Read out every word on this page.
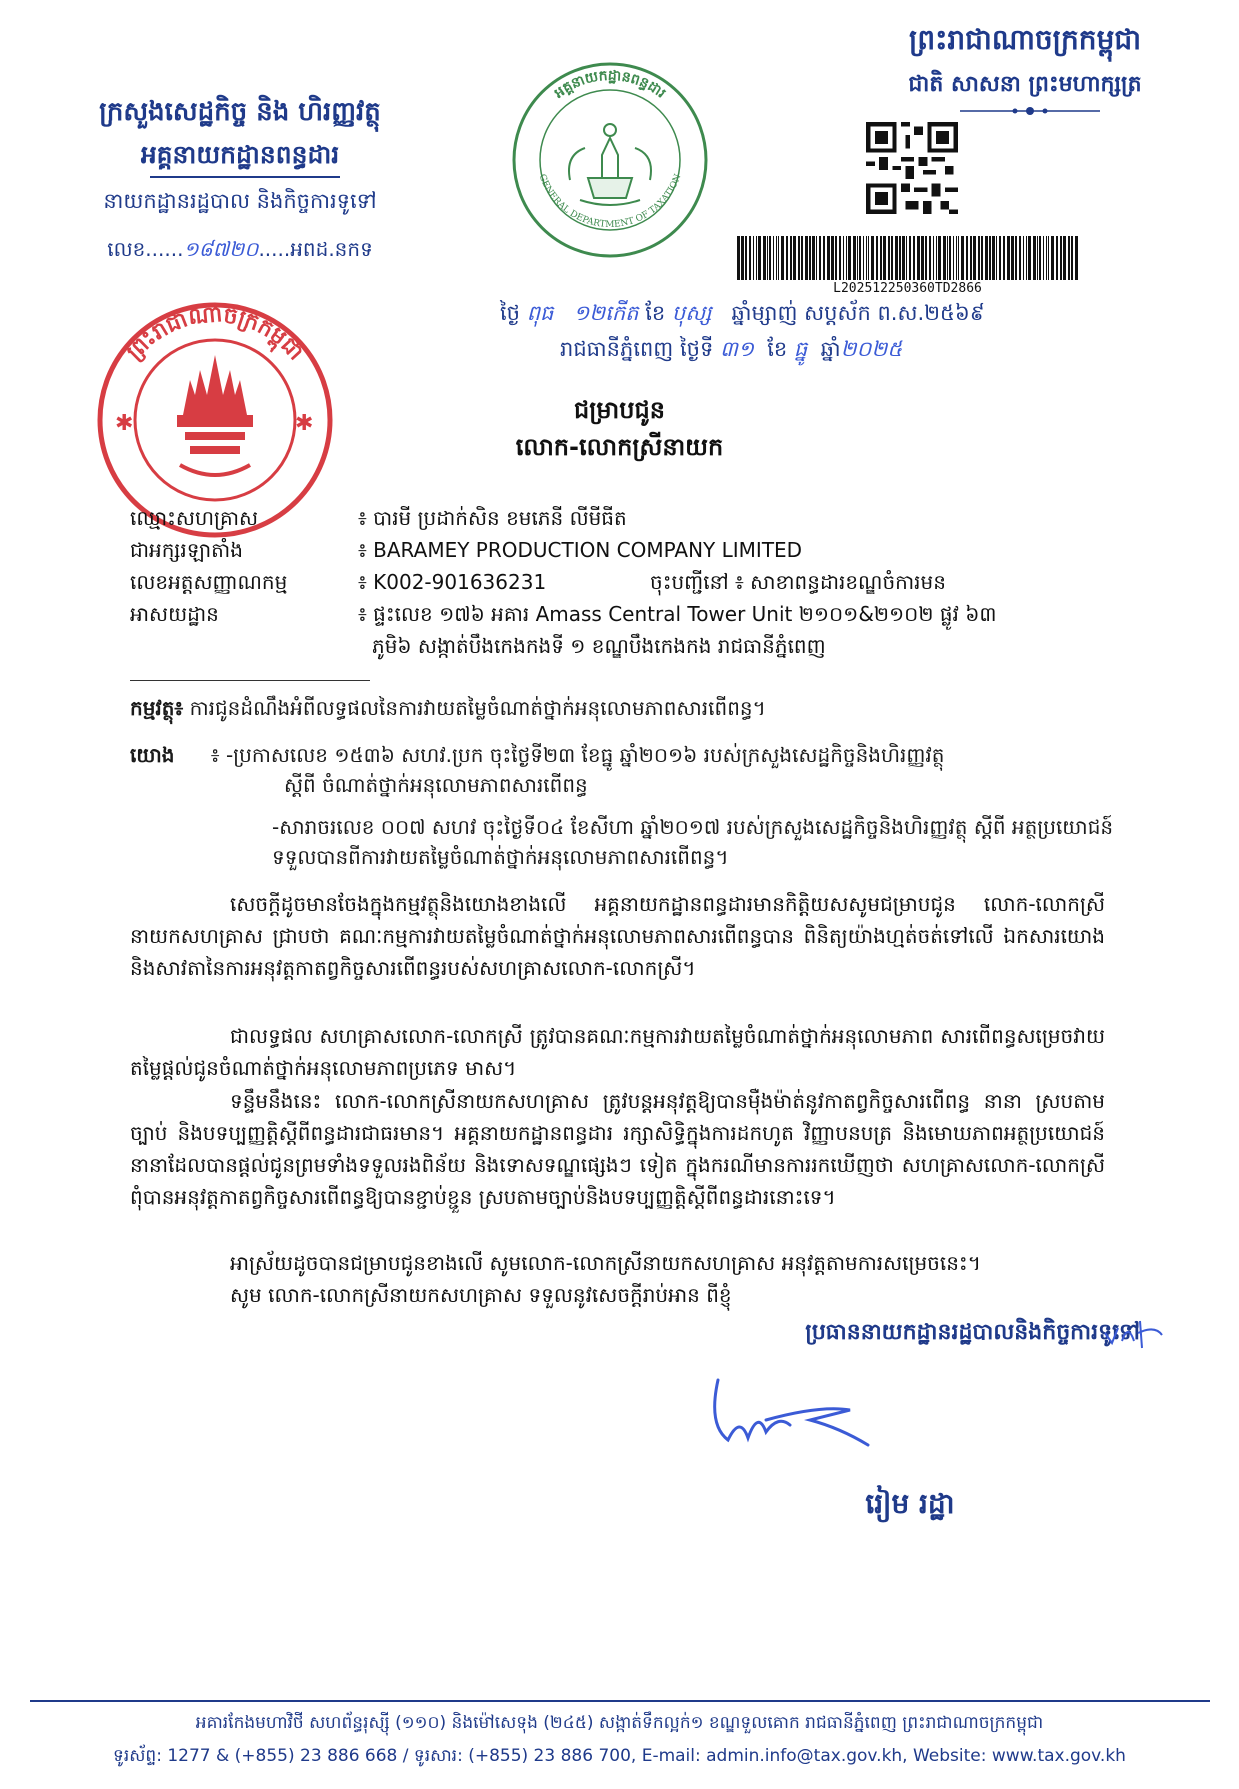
ក្រសួងសេដ្ឋកិច្ច និង ហិរញ្ញវត្ថុ
អគ្គនាយកដ្ឋានពន្ធដារ
នាយកដ្ឋានរដ្ឋបាល និងកិច្ចការទូទៅ
លេខ......១៨៧២០.....អពដ.នកទ
ព្រះរាជាណាចក្រកម្ពុជា
ជាតិ សាសនា ព្រះមហាក្សត្រ
L202512250360TD2866
អគ្គនាយកដ្ឋានពន្ធដារ
GENERAL DEPARTMENT OF TAXATION
ព្រះរាជាណាចក្រកម្ពុជា
✱	✱
ថ្ងៃ ពុធ ១២កើត ខែ បុស្ស ឆ្នាំម្សាញ់ សប្តស័ក ព.ស.២៥៦៩
រាជធានីភ្នំពេញ ថ្ងៃទី ៣១ ខែ ធ្នូ ឆ្នាំ២០២៥
ជម្រាបជូន
លោក-លោកស្រីនាយក
ឈ្មោះសហគ្រាស	៖ បារមី ប្រដាក់សិន ខមភេនី លីមីធីត
ជាអក្សរឡាតាំង	៖ BARAMEY PRODUCTION COMPANY LIMITED
លេខអត្តសញ្ញាណកម្ម	៖ K002-901636231	ចុះបញ្ជីនៅ ៖ សាខាពន្ធដារខណ្ឌចំការមន
អាសយដ្ឋាន	៖ ផ្ទះលេខ ១៧៦ អគារ Amass Central Tower Unit ២១០១&២១០២ ផ្លូវ ៦៣
ភូមិ៦ សង្កាត់បឹងកេងកងទី ១ ខណ្ឌបឹងកេងកង រាជធានីភ្នំពេញ
កម្មវត្ថុ៖ ការជូនដំណឹងអំពីលទ្ធផលនៃការវាយតម្លៃចំណាត់ថ្នាក់អនុលោមភាពសារពើពន្ធ។
យោង ៖ -ប្រកាសលេខ ១៥៣៦ សហវ.ប្រក ចុះថ្ងៃទី២៣ ខែធ្នូ ឆ្នាំ២០១៦ របស់ក្រសួងសេដ្ឋកិច្ចនិងហិរញ្ញវត្ថុ
ស្តីពី ចំណាត់ថ្នាក់អនុលោមភាពសារពើពន្ធ
-សារាចរលេខ ០០៧ សហវ ចុះថ្ងៃទី០៤ ខែសីហា ឆ្នាំ២០១៧ របស់ក្រសួងសេដ្ឋកិច្ចនិងហិរញ្ញវត្ថុ ស្តីពី អត្ថប្រយោជន៍ទទួលបានពីការវាយតម្លៃចំណាត់ថ្នាក់អនុលោមភាពសារពើពន្ធ។
សេចក្តីដូចមានចែងក្នុងកម្មវត្ថុនិងយោងខាងលើ អគ្គនាយកដ្ឋានពន្ធដារមានកិត្តិយសសូមជម្រាបជូន លោក-លោកស្រីនាយកសហគ្រាស ជ្រាបថា គណៈកម្មការវាយតម្លៃចំណាត់ថ្នាក់អនុលោមភាពសារពើពន្ធបាន ពិនិត្យយ៉ាងហ្មត់ចត់ទៅលើ ឯកសារយោង និងសាវតានៃការអនុវត្តកាតព្វកិច្ចសារពើពន្ធរបស់សហគ្រាសលោក-លោកស្រី។
ជាលទ្ធផល សហគ្រាសលោក-លោកស្រី ត្រូវបានគណៈកម្មការវាយតម្លៃចំណាត់ថ្នាក់អនុលោមភាព សារពើពន្ធសម្រេចវាយតម្លៃផ្តល់ជូនចំណាត់ថ្នាក់អនុលោមភាពប្រភេទ មាស។
ទន្ទឹមនឹងនេះ លោក-លោកស្រីនាយកសហគ្រាស ត្រូវបន្តអនុវត្តឱ្យបានម៉ឺងម៉ាត់នូវកាតព្វកិច្ចសារពើពន្ធ នានា ស្របតាមច្បាប់ និងបទប្បញ្ញត្តិស្តីពីពន្ធដារជាធរមាន។ អគ្គនាយកដ្ឋានពន្ធដារ រក្សាសិទ្ធិក្នុងការដកហូត វិញ្ញាបនបត្រ និងមោឃភាពអត្ថប្រយោជន៍នានាដែលបានផ្តល់ជូនព្រមទាំងទទួលរងពិន័យ និងទោសទណ្ឌផ្សេងៗ ទៀត ក្នុងករណីមានការរកឃើញថា សហគ្រាសលោក-លោកស្រី ពុំបានអនុវត្តកាតព្វកិច្ចសារពើពន្ធឱ្យបានខ្ជាប់ខ្ជួន ស្របតាមច្បាប់និងបទប្បញ្ញត្តិស្តីពីពន្ធដារនោះទេ។
អាស្រ័យដូចបានជម្រាបជូនខាងលើ សូមលោក-លោកស្រីនាយកសហគ្រាស អនុវត្តតាមការសម្រេចនេះ។
សូម លោក-លោកស្រីនាយកសហគ្រាស ទទួលនូវសេចក្តីរាប់អាន ពីខ្ញុំ
ប្រធាននាយកដ្ឋានរដ្ឋបាលនិងកិច្ចការទូទៅ
រៀម រដ្ឋា
អគារកែងមហាវិថី សហព័ន្ធរុស្ស៊ី (១១០) និងម៉ៅសេទុង (២៤៥) សង្កាត់ទឹកល្អក់១ ខណ្ឌទួលគោក រាជធានីភ្នំពេញ ព្រះរាជាណាចក្រកម្ពុជា
ទូរស័ព្ទ: 1277 & (+855) 23 886 668 / ទូរសារ: (+855) 23 886 700, E-mail: admin.info@tax.gov.kh, Website: www.tax.gov.kh
